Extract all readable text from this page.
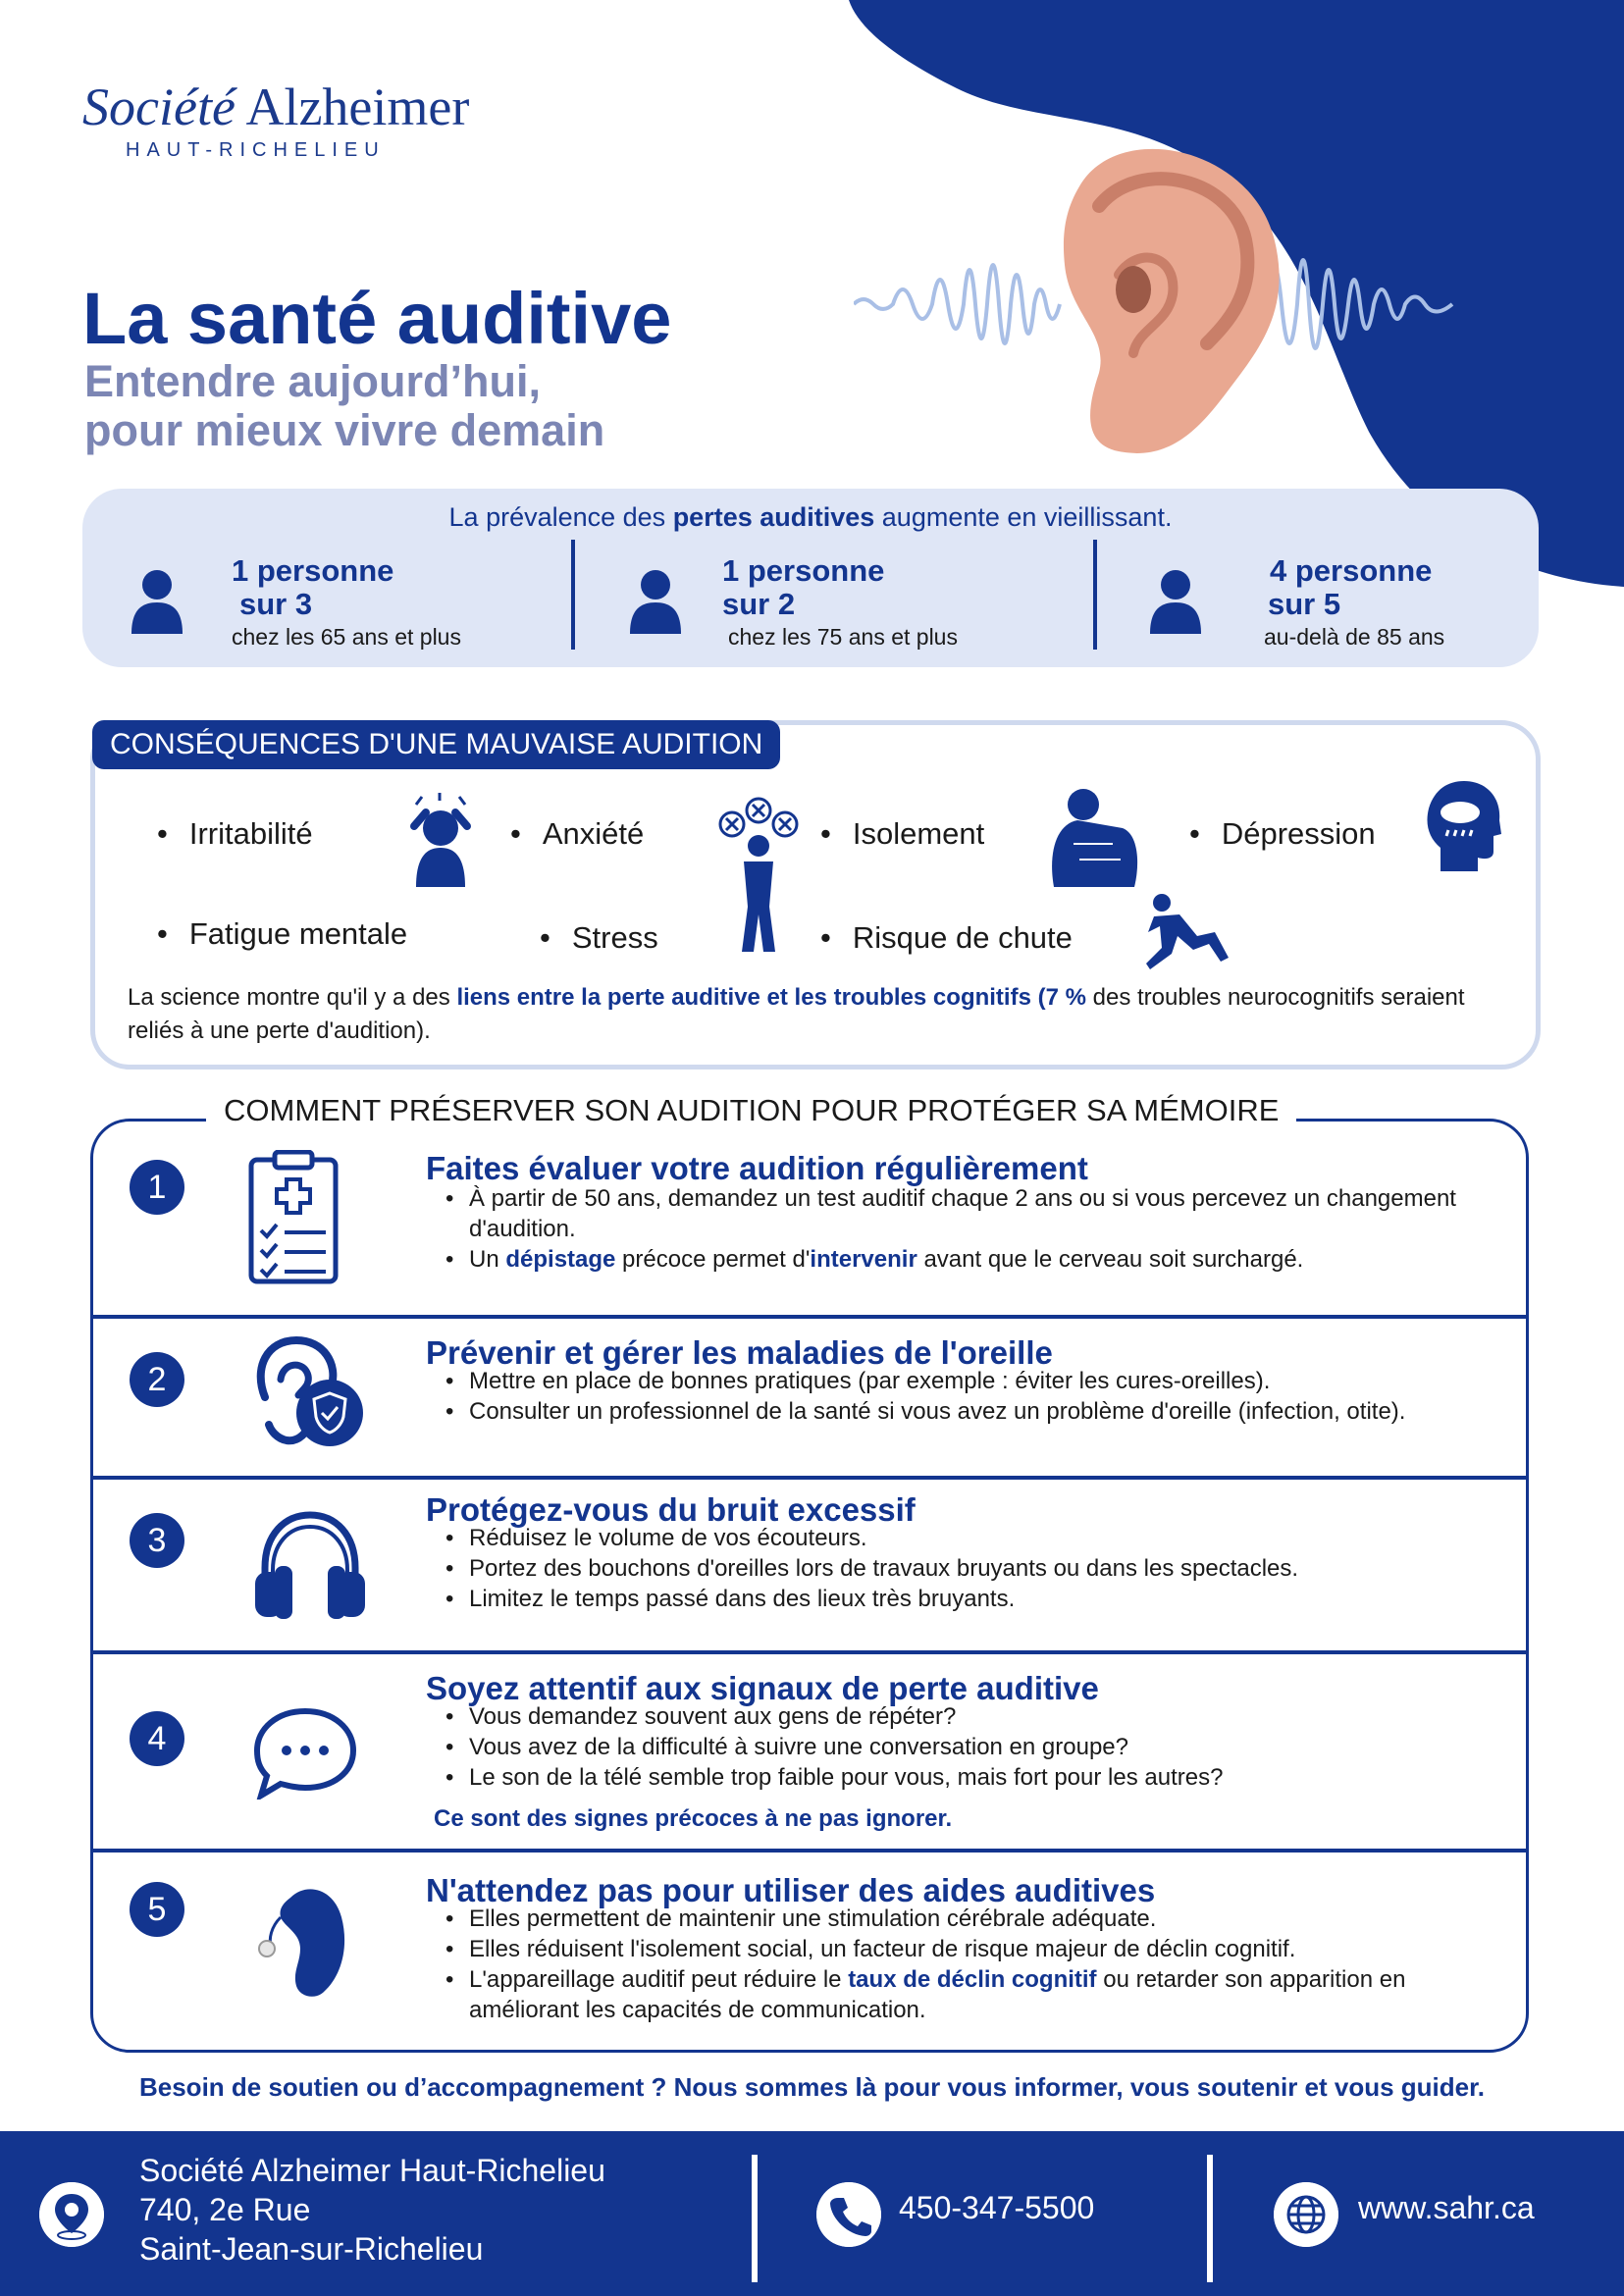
Société Alzheimer
HAUT-RICHELIEU
La santé auditive
Entendre aujourd’hui,
pour mieux vivre demain
La prévalence des pertes auditives augmente en vieillissant.
1 personne
sur 3
chez les 65 ans et plus
1 personne
sur 2
chez les 75 ans et plus
4 personne
sur 5
au-delà de 85 ans
CONSÉQUENCES D'UNE MAUVAISE AUDITION
• Irritabilité	• Anxiété	• Isolement	• Dépression
• Fatigue mentale	• Stress	• Risque de chute
La science montre qu'il y a des liens entre la perte auditive et les troubles cognitifs (7 % des troubles neurocognitifs seraient reliés à une perte d'audition).
COMMENT PRÉSERVER SON AUDITION POUR PROTÉGER SA MÉMOIRE
1
Faites évaluer votre audition régulièrement
• À partir de 50 ans, demandez un test auditif chaque 2 ans ou si vous percevez un changement d'audition.
• Un dépistage précoce permet d'intervenir avant que le cerveau soit surchargé.
2
Prévenir et gérer les maladies de l'oreille
• Mettre en place de bonnes pratiques (par exemple : éviter les cures-oreilles).
• Consulter un professionnel de la santé si vous avez un problème d'oreille (infection, otite).
3
Protégez-vous du bruit excessif
• Réduisez le volume de vos écouteurs.
• Portez des bouchons d'oreilles lors de travaux bruyants ou dans les spectacles.
• Limitez le temps passé dans des lieux très bruyants.
4
Soyez attentif aux signaux de perte auditive
• Vous demandez souvent aux gens de répéter?
• Vous avez de la difficulté à suivre une conversation en groupe?
• Le son de la télé semble trop faible pour vous, mais fort pour les autres?
Ce sont des signes précoces à ne pas ignorer.
5
N'attendez pas pour utiliser des aides auditives
• Elles permettent de maintenir une stimulation cérébrale adéquate.
• Elles réduisent l'isolement social, un facteur de risque majeur de déclin cognitif.
• L'appareillage auditif peut réduire le taux de déclin cognitif ou retarder son apparition en améliorant les capacités de communication.
Besoin de soutien ou d’accompagnement ? Nous sommes là pour vous informer, vous soutenir et vous guider.
Société Alzheimer Haut-Richelieu
740, 2e Rue
Saint-Jean-sur-Richelieu
450-347-5500	www.sahr.ca
